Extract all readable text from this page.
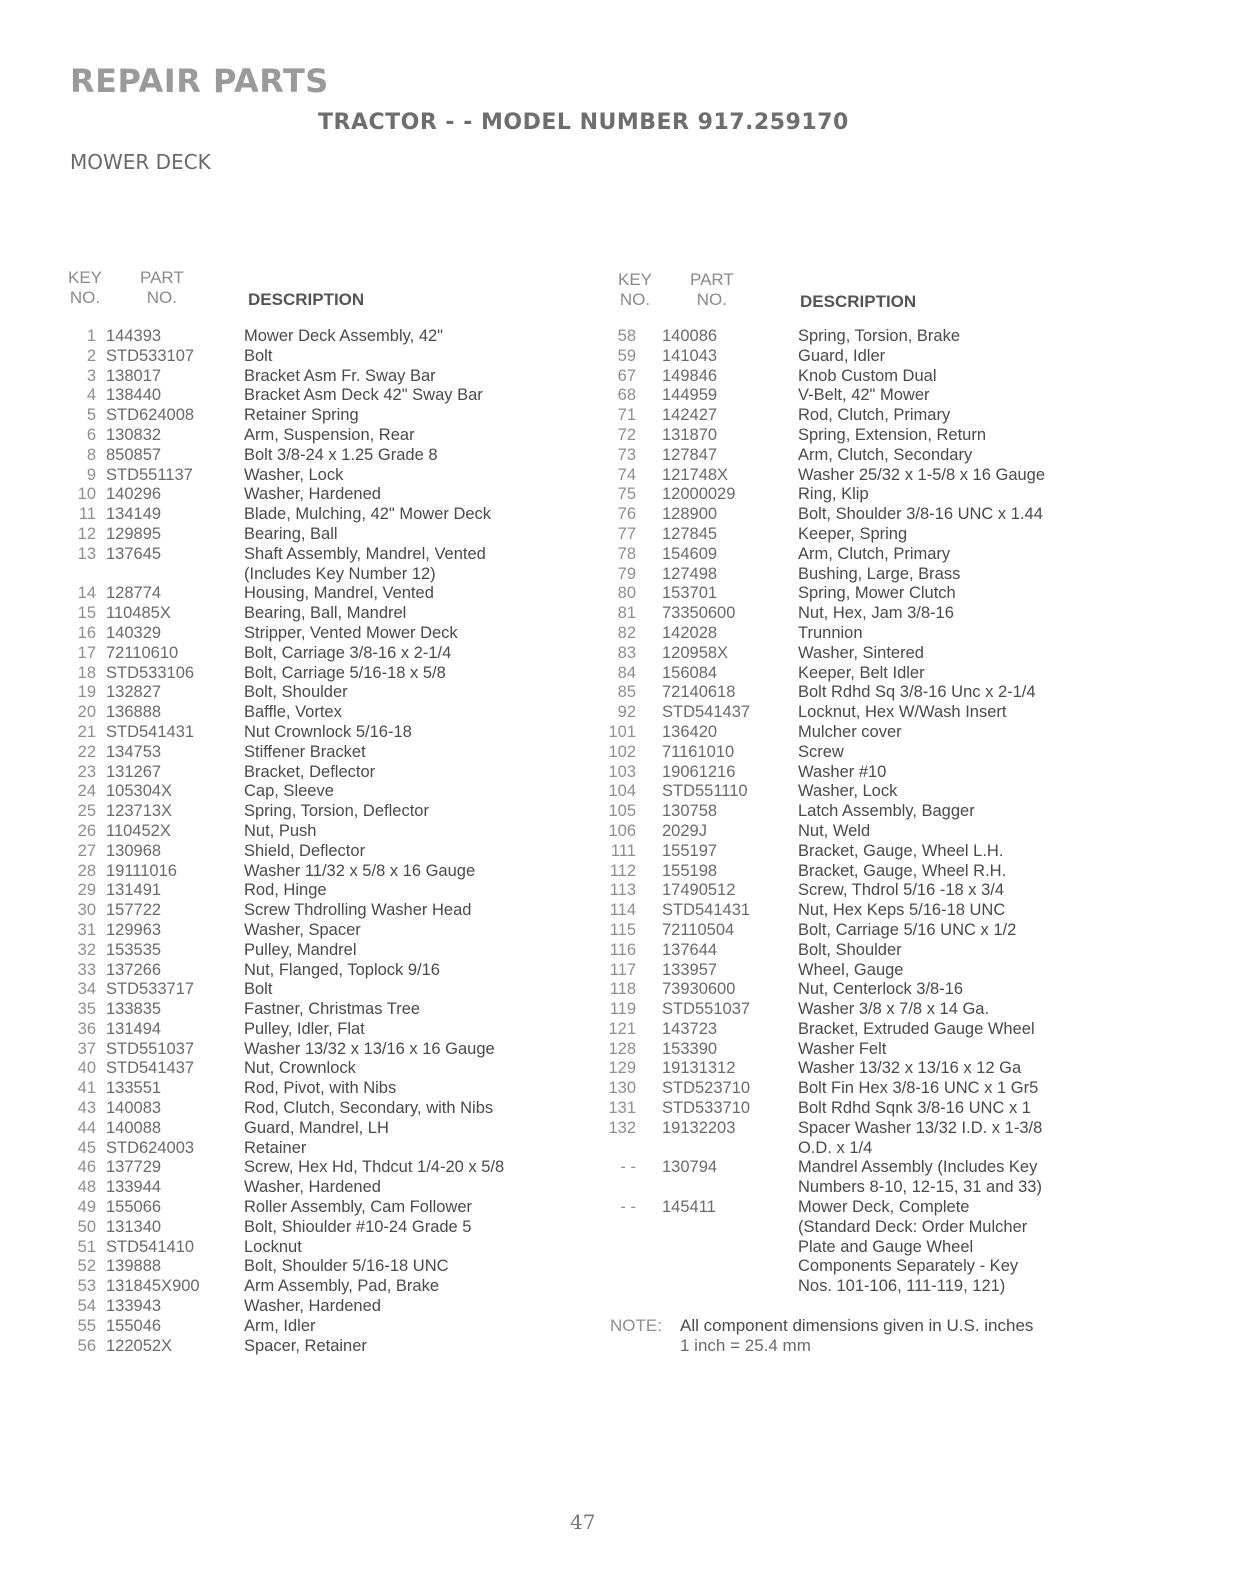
REPAIR PARTS
TRACTOR - - MODEL NUMBER 917.259170
MOWER DECK
KEY
NO.
PART
NO.	DESCRIPTION
KEY
NO.
PART
NO.	DESCRIPTION
1 144393	Mower Deck Assembly, 42"
2 STD533107	Bolt
3 138017	Bracket Asm Fr. Sway Bar
4 138440	Bracket Asm Deck 42" Sway Bar
5 STD624008	Retainer Spring
6 130832	Arm, Suspension, Rear
8 850857	Bolt 3/8-24 x 1.25 Grade 8
9 STD551137	Washer, Lock
10 140296	Washer, Hardened
11 134149	Blade, Mulching, 42" Mower Deck
12 129895	Bearing, Ball
13 137645	Shaft Assembly, Mandrel, Vented
(Includes Key Number 12)
14 128774	Housing, Mandrel, Vented
15 110485X	Bearing, Ball, Mandrel
16 140329	Stripper, Vented Mower Deck
17 72110610	Bolt, Carriage 3/8-16 x 2-1/4
18 STD533106	Bolt, Carriage 5/16-18 x 5/8
19 132827	Bolt, Shoulder
20 136888	Baffle, Vortex
21 STD541431	Nut Crownlock 5/16-18
22 134753	Stiffener Bracket
23 131267	Bracket, Deflector
24 105304X	Cap, Sleeve
25 123713X	Spring, Torsion, Deflector
26 110452X	Nut, Push
27 130968	Shield, Deflector
28 19111016	Washer 11/32 x 5/8 x 16 Gauge
29 131491	Rod, Hinge
30 157722	Screw Thdrolling Washer Head
31 129963	Washer, Spacer
32 153535	Pulley, Mandrel
33 137266	Nut, Flanged, Toplock 9/16
34 STD533717	Bolt
35 133835	Fastner, Christmas Tree
36 131494	Pulley, Idler, Flat
37 STD551037	Washer 13/32 x 13/16 x 16 Gauge
40 STD541437	Nut, Crownlock
41 133551	Rod, Pivot, with Nibs
43 140083	Rod, Clutch, Secondary, with Nibs
44 140088	Guard, Mandrel, LH
45 STD624003	Retainer
46 137729	Screw, Hex Hd, Thdcut 1/4-20 x 5/8
48 133944	Washer, Hardened
49 155066	Roller Assembly, Cam Follower
50 131340	Bolt, Shioulder #10-24 Grade 5
51 STD541410	Locknut
52 139888	Bolt, Shoulder 5/16-18 UNC
53 131845X900	Arm Assembly, Pad, Brake
54 133943	Washer, Hardened
55 155046	Arm, Idler
56 122052X	Spacer, Retainer
58 140086	Spring, Torsion, Brake
59 141043	Guard, Idler
67 149846	Knob Custom Dual
68 144959	V-Belt, 42" Mower
71 142427	Rod, Clutch, Primary
72 131870	Spring, Extension, Return
73 127847	Arm, Clutch, Secondary
74 121748X	Washer 25/32 x 1-5/8 x 16 Gauge
75 12000029	Ring, Klip
76 128900	Bolt, Shoulder 3/8-16 UNC x 1.44
77 127845	Keeper, Spring
78 154609	Arm, Clutch, Primary
79 127498	Bushing, Large, Brass
80 153701	Spring, Mower Clutch
81 73350600	Nut, Hex, Jam 3/8-16
82 142028	Trunnion
83 120958X	Washer, Sintered
84 156084	Keeper, Belt Idler
85 72140618	Bolt Rdhd Sq 3/8-16 Unc x 2-1/4
92 STD541437	Locknut, Hex W/Wash Insert
101 136420	Mulcher cover
102 71161010	Screw
103 19061216	Washer #10
104 STD551110	Washer, Lock
105 130758	Latch Assembly, Bagger
106 2029J	Nut, Weld
111 155197	Bracket, Gauge, Wheel L.H.
112 155198	Bracket, Gauge, Wheel R.H.
113 17490512	Screw, Thdrol 5/16 -18 x 3/4
114 STD541431	Nut, Hex Keps 5/16-18 UNC
115 72110504	Bolt, Carriage 5/16 UNC x 1/2
116 137644	Bolt, Shoulder
117 133957	Wheel, Gauge
118 73930600	Nut, Centerlock 3/8-16
119 STD551037	Washer 3/8 x 7/8 x 14 Ga.
121 143723	Bracket, Extruded Gauge Wheel
128 153390	Washer Felt
129 19131312	Washer 13/32 x 13/16 x 12 Ga
130 STD523710	Bolt Fin Hex 3/8-16 UNC x 1 Gr5
131 STD533710	Bolt Rdhd Sqnk 3/8-16 UNC x 1
132 19132203	Spacer Washer 13/32 I.D. x 1-3/8
O.D. x 1/4
- - 130794	Mandrel Assembly (Includes Key
Numbers 8-10, 12-15, 31 and 33)
- - 145411	Mower Deck, Complete
(Standard Deck: Order Mulcher
Plate and Gauge Wheel
Components Separately - Key
Nos. 101-106, 111-119, 121)
NOTE: All component dimensions given in U.S. inches
1 inch = 25.4 mm
47
